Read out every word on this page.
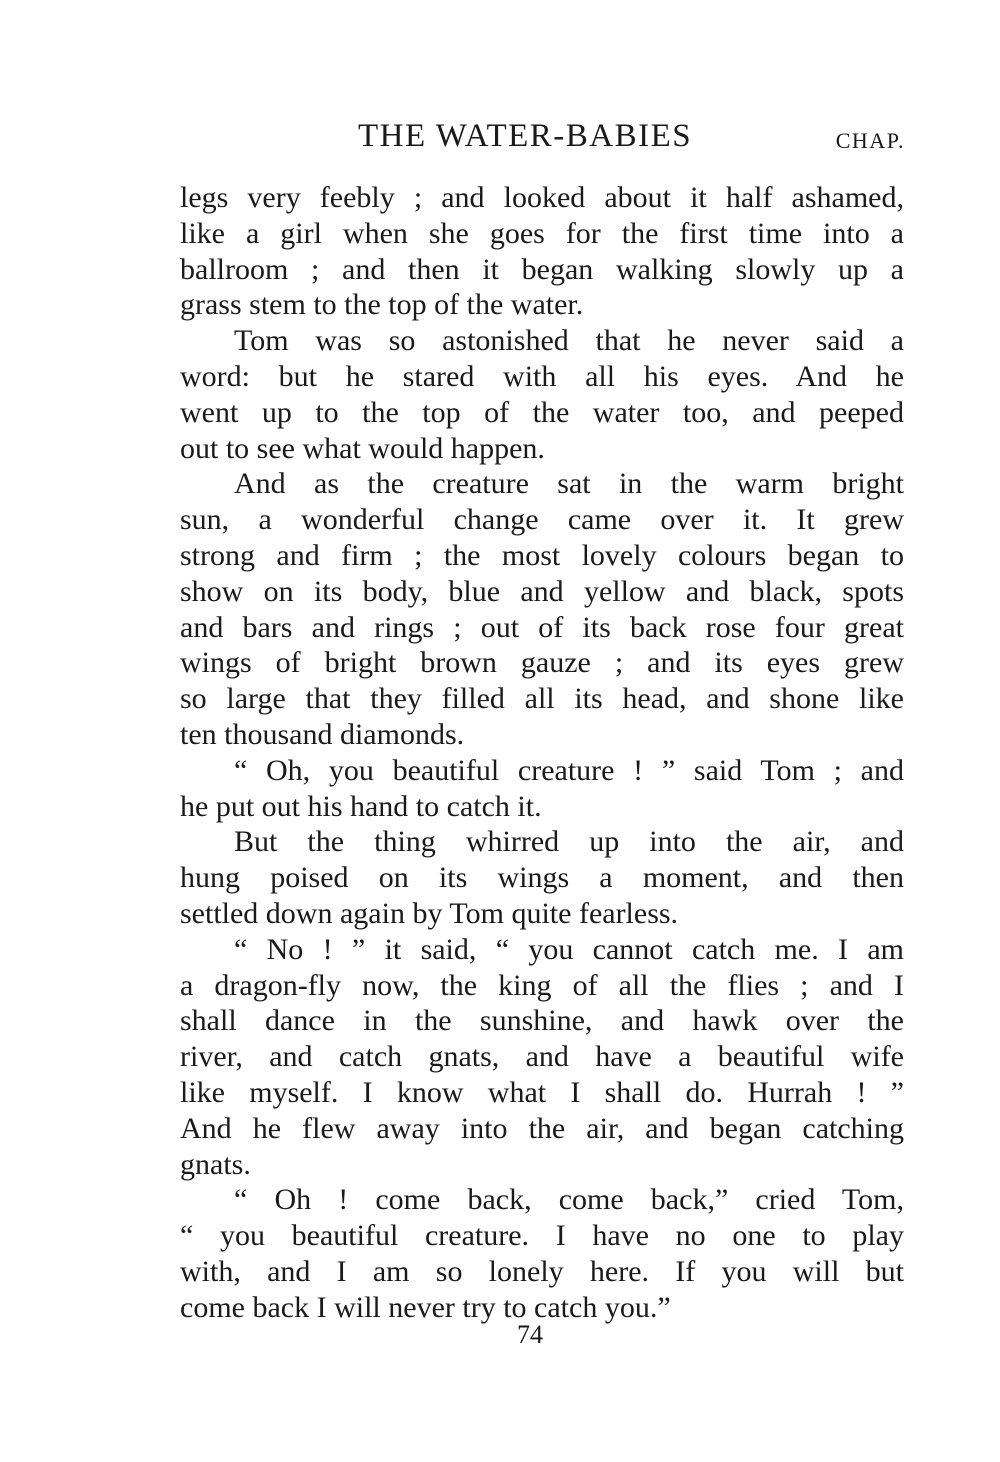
THE WATER-BABIES	CHAP.
legs very feebly ; and looked about it half ashamed,
like a girl when she goes for the first time into a
ballroom ; and then it began walking slowly up a
grass stem to the top of the water.
Tom was so astonished that he never said a
word: but he stared with all his eyes. And he
went up to the top of the water too, and peeped
out to see what would happen.
And as the creature sat in the warm bright
sun, a wonderful change came over it. It grew
strong and firm ; the most lovely colours began to
show on its body, blue and yellow and black, spots
and bars and rings ; out of its back rose four great
wings of bright brown gauze ; and its eyes grew
so large that they filled all its head, and shone like
ten thousand diamonds.
“ Oh, you beautiful creature ! ” said Tom ; and
he put out his hand to catch it.
But the thing whirred up into the air, and
hung poised on its wings a moment, and then
settled down again by Tom quite fearless.
“ No ! ” it said, “ you cannot catch me. I am
a dragon-fly now, the king of all the flies ; and I
shall dance in the sunshine, and hawk over the
river, and catch gnats, and have a beautiful wife
like myself. I know what I shall do. Hurrah ! ”
And he flew away into the air, and began catching
gnats.
“ Oh ! come back, come back,” cried Tom,
“ you beautiful creature. I have no one to play
with, and I am so lonely here. If you will but
come back I will never try to catch you.”
74
